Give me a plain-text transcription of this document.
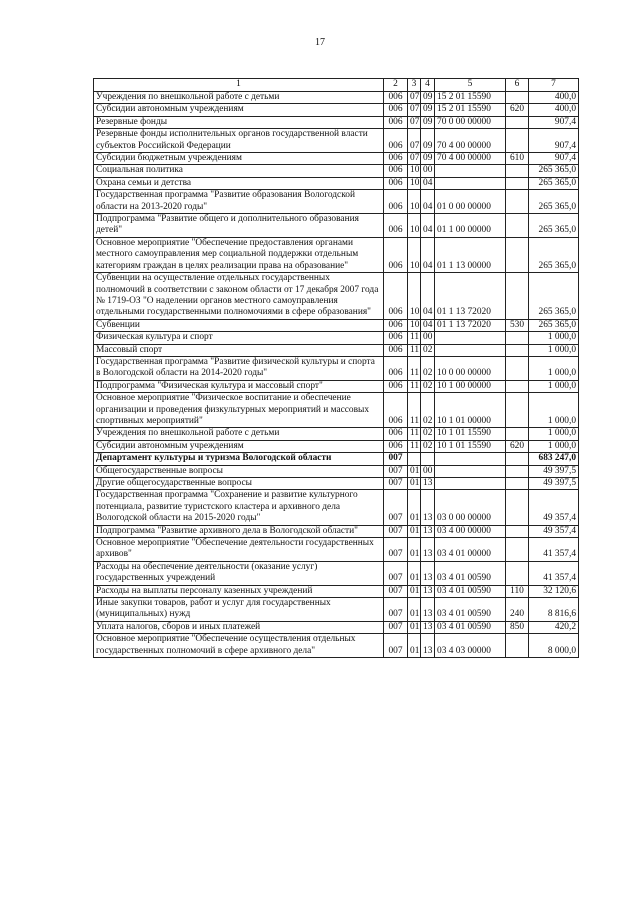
17
1	2	3	4	5	6	7
Учреждения по внешкольной работе с детьми	006	07	09	15 2 01 15590		400,0
Субсидии автономным учреждениям	006	07	09	15 2 01 15590	620	400,0
Резервные фонды	006	07	09	70 0 00 00000		907,4
Резервные фонды исполнительных органов государственной власти субъектов Российской Федерации	006	07	09	70 4 00 00000		907,4
Субсидии бюджетным учреждениям	006	07	09	70 4 00 00000	610	907,4
Социальная политика	006	10	00			265 365,0
Охрана семьи и детства	006	10	04			265 365,0
Государственная программа "Развитие образования Вологодской области на 2013-2020 годы"	006	10	04	01 0 00 00000		265 365,0
Подпрограмма "Развитие общего и дополнительного образования детей"	006	10	04	01 1 00 00000		265 365,0
Основное мероприятие "Обеспечение предоставления органами местного самоуправления мер социальной поддержки отдельным категориям граждан в целях реализации права на образование"	006	10	04	01 1 13 00000		265 365,0
Субвенции на осуществление отдельных государственных полномочий в соответствии с законом области от 17 декабря 2007 года № 1719-ОЗ "О наделении органов местного самоуправления отдельными государственными полномочиями в сфере образования"	006	10	04	01 1 13 72020		265 365,0
Субвенции	006	10	04	01 1 13 72020	530	265 365,0
Физическая культура и спорт	006	11	00			1 000,0
Массовый спорт	006	11	02			1 000,0
Государственная программа "Развитие физической культуры и спорта в Вологодской области на 2014-2020 годы"	006	11	02	10 0 00 00000		1 000,0
Подпрограмма "Физическая культура и массовый спорт"	006	11	02	10 1 00 00000		1 000,0
Основное мероприятие "Физическое воспитание и обеспечение организации и проведения физкультурных мероприятий и массовых спортивных мероприятий"	006	11	02	10 1 01 00000		1 000,0
Учреждения по внешкольной работе с детьми	006	11	02	10 1 01 15590		1 000,0
Субсидии автономным учреждениям	006	11	02	10 1 01 15590	620	1 000,0
Департамент культуры и туризма Вологодской области	007					683 247,0
Общегосударственные вопросы	007	01	00			49 397,5
Другие общегосударственные вопросы	007	01	13			49 397,5
Государственная программа "Сохранение и развитие культурного потенциала, развитие туристского кластера и архивного дела Вологодской области на 2015-2020 годы"	007	01	13	03 0 00 00000		49 357,4
Подпрограмма "Развитие архивного дела в Вологодской области"	007	01	13	03 4 00 00000		49 357,4
Основное мероприятие "Обеспечение деятельности государственных архивов"	007	01	13	03 4 01 00000		41 357,4
Расходы на обеспечение деятельности (оказание услуг) государственных учреждений	007	01	13	03 4 01 00590		41 357,4
Расходы на выплаты персоналу казенных учреждений	007	01	13	03 4 01 00590	110	32 120,6
Иные закупки товаров, работ и услуг для государственных (муниципальных) нужд	007	01	13	03 4 01 00590	240	8 816,6
Уплата налогов, сборов и иных платежей	007	01	13	03 4 01 00590	850	420,2
Основное мероприятие "Обеспечение осуществления отдельных государственных полномочий в сфере архивного дела"	007	01	13	03 4 03 00000		8 000,0
